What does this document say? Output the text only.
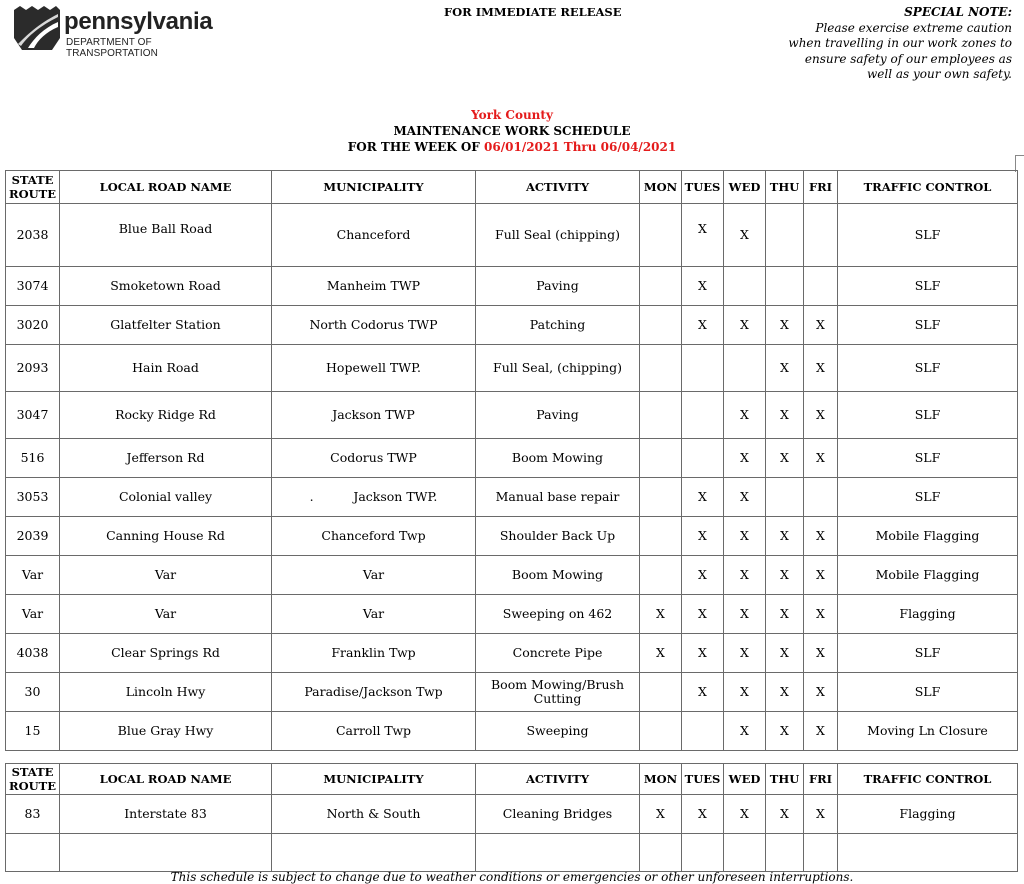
pennsylvania
DEPARTMENT OF TRANSPORTATION
FOR IMMEDIATE RELEASE	SPECIAL NOTE:
Please exercise extreme caution
when travelling in our work zones to
ensure safety of our employees as
well as your own safety.
York County
MAINTENANCE WORK SCHEDULE
FOR THE WEEK OF 06/01/2021 Thru 06/04/2021
STATE ROUTE	LOCAL ROAD NAME	MUNICIPALITY	ACTIVITY	MON	TUES	WED	THU	FRI	TRAFFIC CONTROL
2038	Blue Ball Road	Chanceford	Full Seal (chipping)		X	X			SLF
3074	Smoketown Road	Manheim TWP	Paving		X				SLF
3020	Glatfelter Station	North Codorus TWP	Patching		X	X	X	X	SLF
2093	Hain Road	Hopewell TWP.	Full Seal, (chipping)				X	X	SLF
3047	Rocky Ridge Rd	Jackson TWP	Paving			X	X	X	SLF
516	Jefferson Rd	Codorus TWP	Boom Mowing			X	X	X	SLF
3053	Colonial valley	.          Jackson TWP.	Manual base repair		X	X			SLF
2039	Canning House Rd	Chanceford Twp	Shoulder Back Up		X	X	X	X	Mobile Flagging
Var	Var	Var	Boom Mowing		X	X	X	X	Mobile Flagging
Var	Var	Var	Sweeping on 462	X	X	X	X	X	Flagging
4038	Clear Springs Rd	Franklin Twp	Concrete Pipe	X	X	X	X	X	SLF
30	Lincoln Hwy	Paradise/Jackson Twp	Boom Mowing/Brush Cutting		X	X	X	X	SLF
15	Blue Gray Hwy	Carroll Twp	Sweeping			X	X	X	Moving Ln Closure
STATE ROUTE	LOCAL ROAD NAME	MUNICIPALITY	ACTIVITY	MON	TUES	WED	THU	FRI	TRAFFIC CONTROL
83	Interstate 83	North & South	Cleaning Bridges	X	X	X	X	X	Flagging

This schedule is subject to change due to weather conditions or emergencies or other unforeseen interruptions.
